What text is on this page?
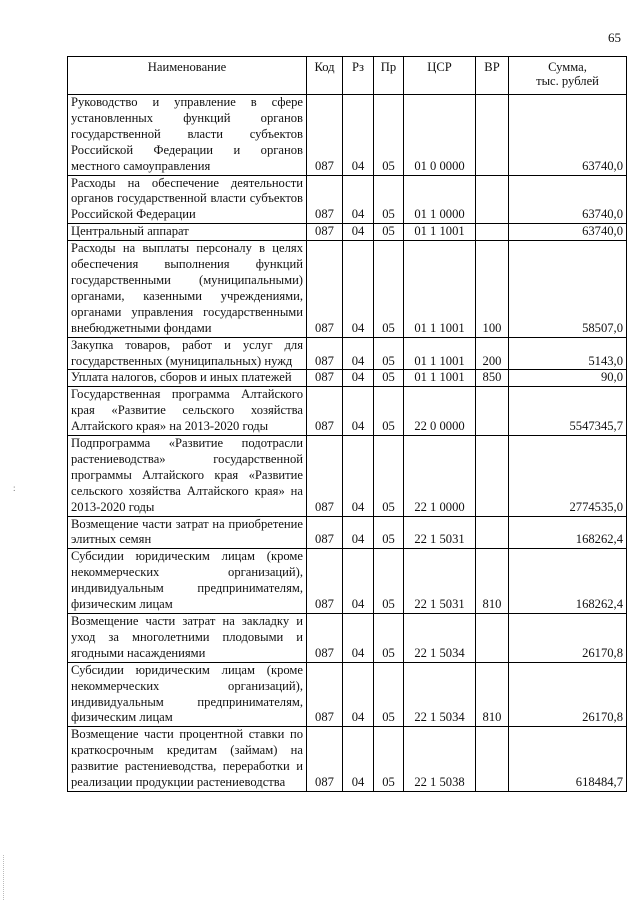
65
:
Наименование	Код	Рз	Пр	ЦСР	ВР	Сумма,
тыс. рублей

Руководство и управление в сфере установленных функций органов государственной власти субъектов Российской Федерации и органов местного самоуправления	087	04	05	01 0 0000		63740,0
Расходы на обеспечение деятельности органов государственной власти субъектов Российской Федерации	087	04	05	01 1 0000		63740,0
Центральный аппарат	087	04	05	01 1 1001		63740,0
Расходы на выплаты персоналу в целях обеспечения выполнения функций государственными (муниципальными) органами, казенными учреждениями, органами управления государственными внебюджетными фондами	087	04	05	01 1 1001	100	58507,0
Закупка товаров, работ и услуг для государственных (муниципальных) нужд	087	04	05	01 1 1001	200	5143,0
Уплата налогов, сборов и иных платежей	087	04	05	01 1 1001	850	90,0
Государственная программа Алтайского края «Развитие сельского хозяйства Алтайского края» на 2013-2020 годы	087	04	05	22 0 0000		5547345,7
Подпрограмма «Развитие подотрасли растениеводства» государственной программы Алтайского края «Развитие сельского хозяйства Алтайского края» на 2013-2020 годы	087	04	05	22 1 0000		2774535,0
Возмещение части затрат на приобретение элитных семян	087	04	05	22 1 5031		168262,4
Субсидии юридическим лицам (кроме некоммерческих организаций), индивидуальным предпринимателям, физическим лицам	087	04	05	22 1 5031	810	168262,4
Возмещение части затрат на закладку и уход за многолетними плодовыми и ягодными насаждениями	087	04	05	22 1 5034		26170,8
Субсидии юридическим лицам (кроме некоммерческих организаций), индивидуальным предпринимателям, физическим лицам	087	04	05	22 1 5034	810	26170,8
Возмещение части процентной ставки по краткосрочным кредитам (займам) на развитие растениеводства, переработки и реализации продукции растениеводства	087	04	05	22 1 5038		618484,7
